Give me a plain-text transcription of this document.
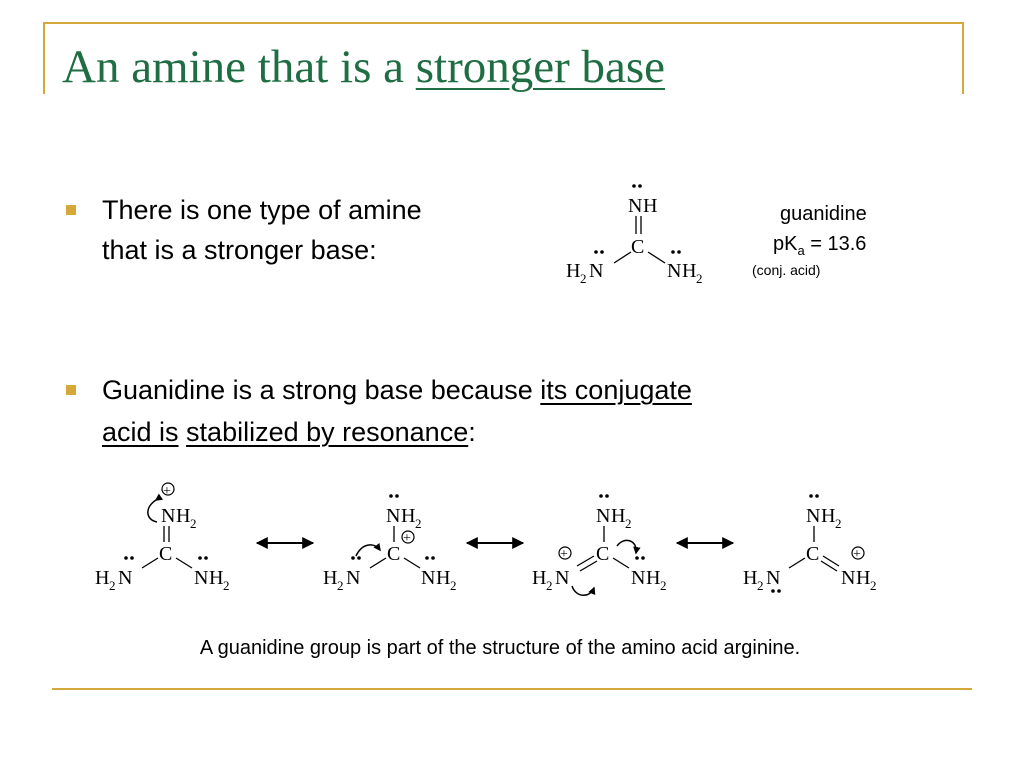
An amine that is a stronger base
There is one type of amine
that is a stronger base:
Guanidine is a strong base because its conjugate
acid is stabilized by resonance:
guanidine
$pK_a = 13.6$
(conj. acid)
N H
C
H 2 N	N H 2
+
N H 2
C
H 2 N	N H 2
N H 2
+
C
H 2 N	N H 2
N H 2
C
+
H 2 N	N H 2
N H 2
C +
H 2 N	N H 2
A guanidine group is part of the structure of the amino acid arginine.
